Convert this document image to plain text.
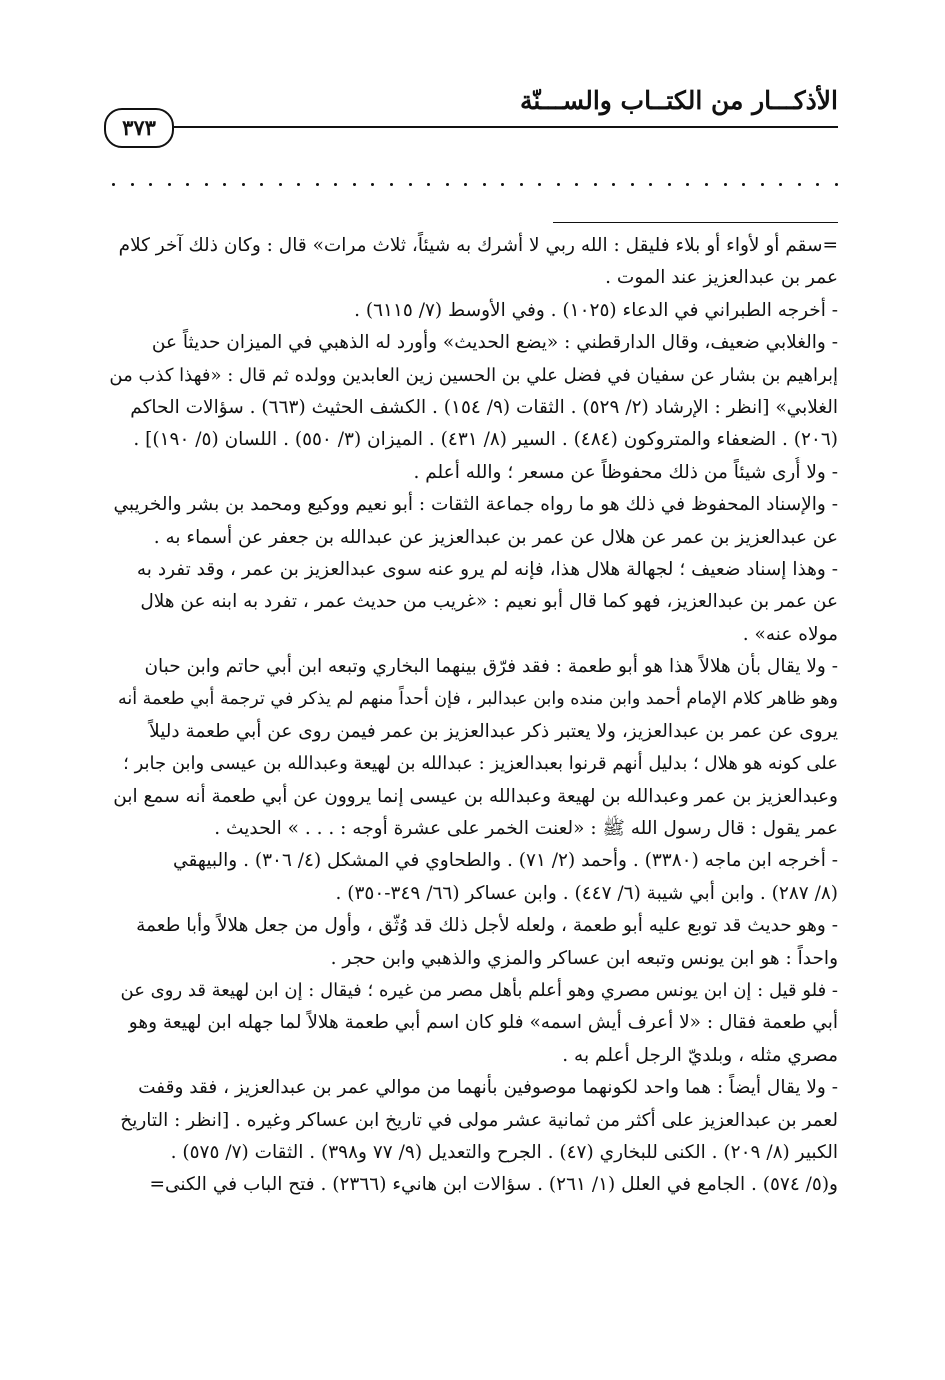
الأذكـــار من الكتــاب والســـنّة
٣٧٣
=سقم أو لأواء أو بلاء فليقل : الله ربي لا أشرك به شيئاً، ثلاث مرات» قال : وكان ذلك آخر كلام
عمر بن عبدالعزيز عند الموت .
- أخرجه الطبراني في الدعاء (١٠٢٥) . وفي الأوسط (٧/ ٦١١٥) .
- والغلابي ضعيف، وقال الدارقطني : «يضع الحديث» وأورد له الذهبي في الميزان حديثاً عن
إبراهيم بن بشار عن سفيان في فضل علي بن الحسين زين العابدين وولده ثم قال : «فهذا كذب من
الغلابي» [انظر : الإرشاد (٢/ ٥٢٩) . الثقات (٩/ ١٥٤) . الكشف الحثيث (٦٦٣) . سؤالات الحاكم
(٢٠٦) . الضعفاء والمتروكون (٤٨٤) . السير (٨/ ٤٣١) . الميزان (٣/ ٥٥٠) . اللسان (٥/ ١٩٠)] .
- ولا أُرى شيئاً من ذلك محفوظاً عن مسعر ؛ والله أعلم .
- والإسناد المحفوظ في ذلك هو ما رواه جماعة الثقات : أبو نعيم ووكيع ومحمد بن بشر والخريبي
عن عبدالعزيز بن عمر عن هلال عن عمر بن عبدالعزيز عن عبدالله بن جعفر عن أسماء به .
- وهذا إسناد ضعيف ؛ لجهالة هلال هذا، فإنه لم يرو عنه سوى عبدالعزيز بن عمر ، وقد تفرد به
عن عمر بن عبدالعزيز، فهو كما قال أبو نعيم : «غريب من حديث عمر ، تفرد به ابنه عن هلال
مولاه عنه» .
- ولا يقال بأن هلالاً هذا هو أبو طعمة : فقد فرّق بينهما البخاري وتبعه ابن أبي حاتم وابن حبان
وهو ظاهر كلام الإمام أحمد وابن منده وابن عبدالبر ، فإن أحداً منهم لم يذكر في ترجمة أبي طعمة أنه
يروى عن عمر بن عبدالعزيز، ولا يعتبر ذكر عبدالعزيز بن عمر فيمن روى عن أبي طعمة دليلاً
على كونه هو هلال ؛ بدليل أنهم قرنوا بعبدالعزيز : عبدالله بن لهيعة وعبدالله بن عيسى وابن جابر ؛
وعبدالعزيز بن عمر وعبدالله بن لهيعة وعبدالله بن عيسى إنما يروون عن أبي طعمة أنه سمع ابن
عمر يقول : قال رسول الله ﷺ : «لعنت الخمر على عشرة أوجه : . . . » الحديث .
- أخرجه ابن ماجه (٣٣٨٠) . وأحمد (٢/ ٧١) . والطحاوي في المشكل (٤/ ٣٠٦) . والبيهقي
(٨/ ٢٨٧) . وابن أبي شيبة (٦/ ٤٤٧) . وابن عساكر (٦٦/ ٣٤٩-٣٥٠) .
- وهو حديث قد توبع عليه أبو طعمة ، ولعله لأجل ذلك قد وُثّق ، وأول من جعل هلالاً وأبا طعمة
واحداً : هو ابن يونس وتبعه ابن عساكر والمزي والذهبي وابن حجر .
- فلو قيل : إن ابن يونس مصري وهو أعلم بأهل مصر من غيره ؛ فيقال : إن ابن لهيعة قد روى عن
أبي طعمة فقال : «لا أعرف أيش اسمه» فلو كان اسم أبي طعمة هلالاً لما جهله ابن لهيعة وهو
مصري مثله ، وبلديّ الرجل أعلم به .
- ولا يقال أيضاً : هما واحد لكونهما موصوفين بأنهما من موالي عمر بن عبدالعزيز ، فقد وقفت
لعمر بن عبدالعزيز على أكثر من ثمانية عشر مولى في تاريخ ابن عساكر وغيره . [انظر : التاريخ
الكبير (٨/ ٢٠٩) . الكنى للبخاري (٤٧) . الجرح والتعديل (٩/ ٧٧ و٣٩٨) . الثقات (٧/ ٥٧٥) .
و(٥/ ٥٧٤) . الجامع في العلل (١/ ٢٦١) . سؤالات ابن هانيء (٢٣٦٦) . فتح الباب في الكنى=
